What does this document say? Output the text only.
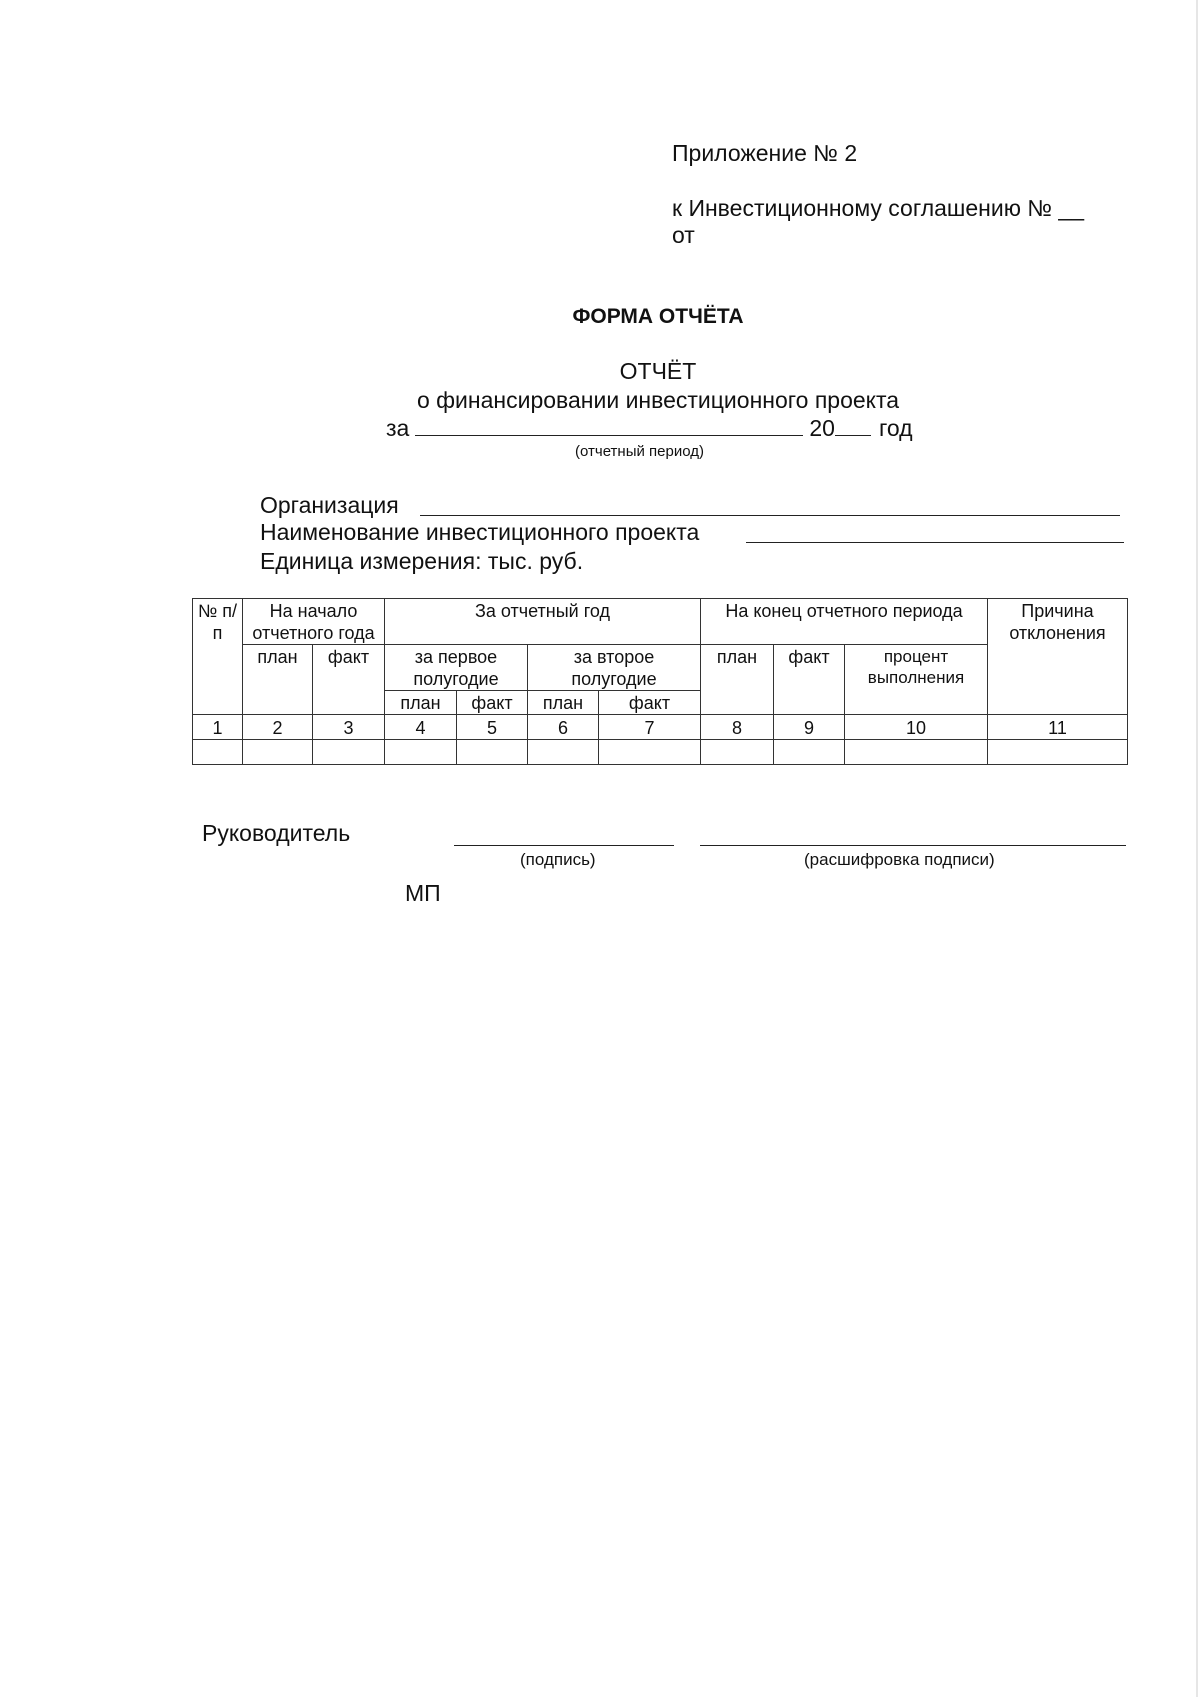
Приложение № 2
к Инвестиционному соглашению № __
от
ФОРМА ОТЧЁТА
ОТЧЁТ
о финансировании инвестиционного проекта
за	20 год
(отчетный период)
Организация
Наименование инвестиционного проекта
Единица измерения: тыс. руб.
№ п/п	На начало отчетного года		За отчетный год				На конец отчетного периода			Причина отклонения
	план	факт	за первое полугодие		за второе полугодие		план	факт	процент выполнения	
			план	факт	план	факт				
1	2	3	4	5	6	7	8	9	10	11

Руководитель
(подпись)	(расшифровка подписи)
МП
